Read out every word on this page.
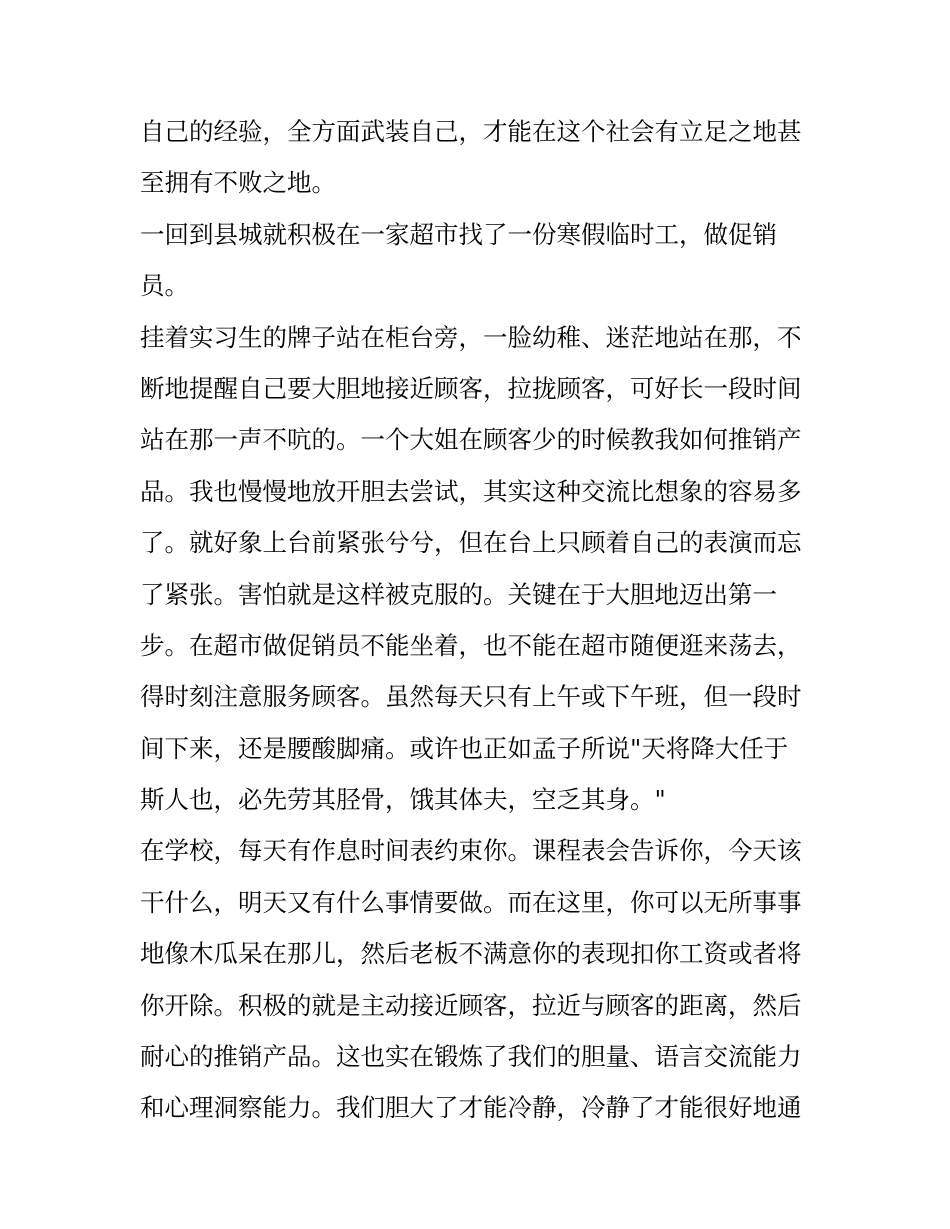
自己的经验，全方面武装自己，才能在这个社会有立足之地甚
至拥有不败之地。
一回到县城就积极在一家超市找了一份寒假临时工，做促销
员。
挂着实习生的牌子站在柜台旁，一脸幼稚、迷茫地站在那，不
断地提醒自己要大胆地接近顾客，拉拢顾客，可好长一段时间
站在那一声不吭的。一个大姐在顾客少的时候教我如何推销产
品。我也慢慢地放开胆去尝试，其实这种交流比想象的容易多
了。就好象上台前紧张兮兮，但在台上只顾着自己的表演而忘
了紧张。害怕就是这样被克服的。关键在于大胆地迈出第一
步。在超市做促销员不能坐着，也不能在超市随便逛来荡去，
得时刻注意服务顾客。虽然每天只有上午或下午班，但一段时
间下来，还是腰酸脚痛。或许也正如孟子所说"天将降大任于
斯人也，必先劳其胫骨，饿其体夫，空乏其身。"
在学校，每天有作息时间表约束你。课程表会告诉你，今天该
干什么，明天又有什么事情要做。而在这里，你可以无所事事
地像木瓜呆在那儿，然后老板不满意你的表现扣你工资或者将
你开除。积极的就是主动接近顾客，拉近与顾客的距离，然后
耐心的推销产品。这也实在锻炼了我们的胆量、语言交流能力
和心理洞察能力。我们胆大了才能冷静，冷静了才能很好地通
